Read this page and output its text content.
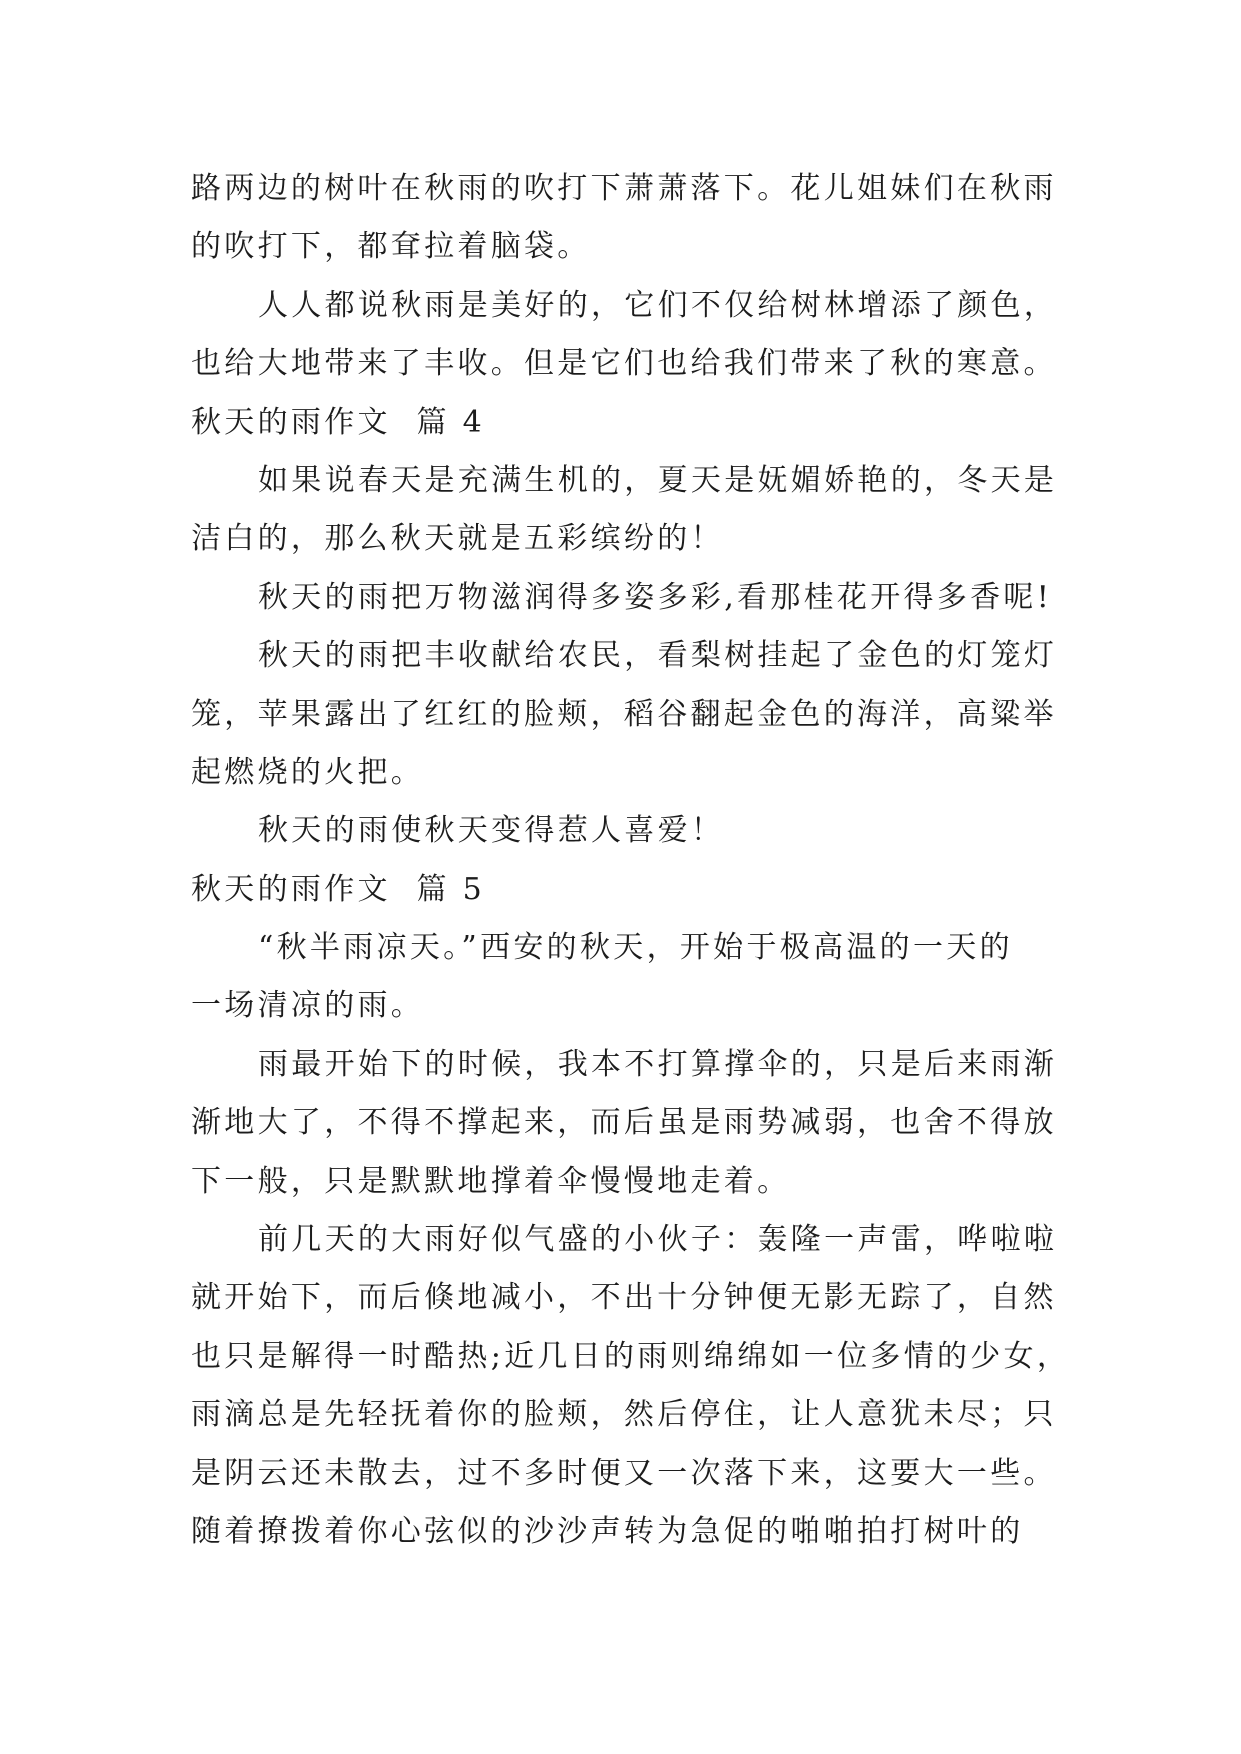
路两边的树叶在秋雨的吹打下萧萧落下。花儿姐妹们在秋雨
的吹打下，都耷拉着脑袋。
人人都说秋雨是美好的，它们不仅给树林增添了颜色，
也给大地带来了丰收。但是它们也给我们带来了秋的寒意。
秋天的雨作文  篇 4
如果说春天是充满生机的，夏天是妩媚娇艳的，冬天是
洁白的，那么秋天就是五彩缤纷的！
秋天的雨把万物滋润得多姿多彩,看那桂花开得多香呢!
秋天的雨把丰收献给农民，看梨树挂起了金色的灯笼灯
笼，苹果露出了红红的脸颊，稻谷翻起金色的海洋，高粱举
起燃烧的火把。
秋天的雨使秋天变得惹人喜爱！
秋天的雨作文  篇 5
“秋半雨凉天。”西安的秋天，开始于极高温的一天的
一场清凉的雨。
雨最开始下的时候，我本不打算撑伞的，只是后来雨渐
渐地大了，不得不撑起来，而后虽是雨势减弱，也舍不得放
下一般，只是默默地撑着伞慢慢地走着。
前几天的大雨好似气盛的小伙子：轰隆一声雷，哗啦啦
就开始下，而后倏地减小，不出十分钟便无影无踪了，自然
也只是解得一时酷热;近几日的雨则绵绵如一位多情的少女，
雨滴总是先轻抚着你的脸颊，然后停住，让人意犹未尽；只
是阴云还未散去，过不多时便又一次落下来，这要大一些。
随着撩拨着你心弦似的沙沙声转为急促的啪啪拍打树叶的
